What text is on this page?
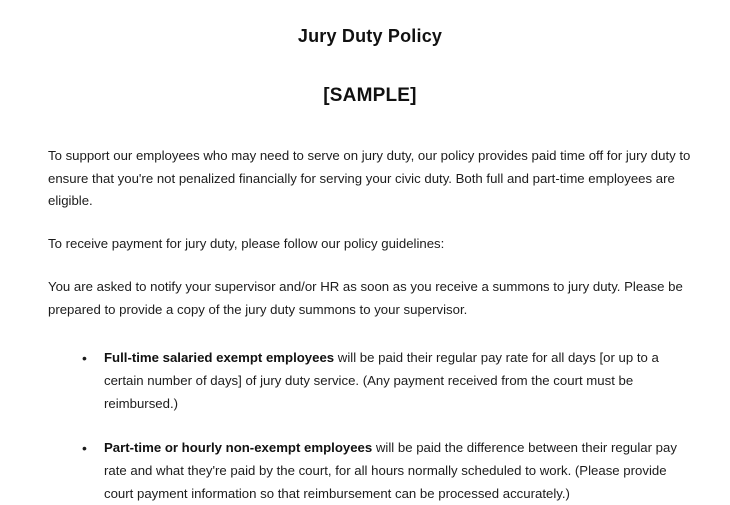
Jury Duty Policy
[SAMPLE]

To support our employees who may need to serve on jury duty, our policy provides paid time off for jury duty to ensure that you're not penalized financially for serving your civic duty. Both full and part-time employees are eligible.

To receive payment for jury duty, please follow our policy guidelines:

You are asked to notify your supervisor and/or HR as soon as you receive a summons to jury duty. Please be prepared to provide a copy of the jury duty summons to your supervisor.

• Full-time salaried exempt employees will be paid their regular pay rate for all days [or up to a certain number of days] of jury duty service. (Any payment received from the court must be reimbursed.)
• Part-time or hourly non-exempt employees will be paid the difference between their regular pay rate and what they're paid by the court, for all hours normally scheduled to work. (Please provide court payment information so that reimbursement can be processed accurately.)
